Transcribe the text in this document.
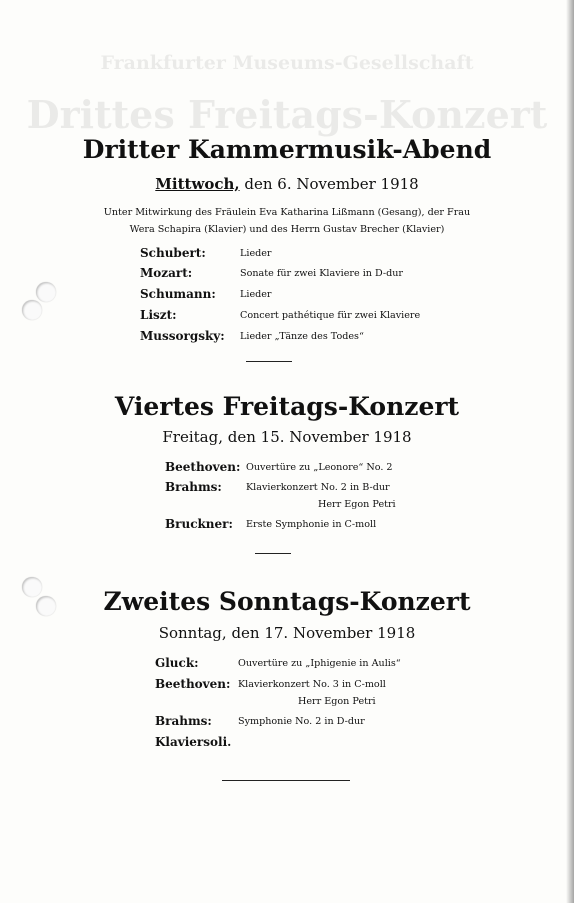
Frankfurter Museums-Gesellschaft
Drittes Freitags-Konzert
Dritter Kammermusik-Abend
Mittwoch, den 6. November 1918
Unter Mitwirkung des Fräulein Eva Katharina Lißmann (Gesang), der Frau
Wera Schapira (Klavier) und des Herrn Gustav Brecher (Klavier)
Schubert:	Lieder
Mozart:	Sonate für zwei Klaviere in D-dur
Schumann:	Lieder
Liszt:	Concert pathétique für zwei Klaviere
Mussorgsky: Lieder „Tänze des Todes“
Viertes Freitags-Konzert
Freitag, den 15. November 1918
Beethoven: Ouvertüre zu „Leonore“ No. 2
Brahms:	Klavierkonzert No. 2 in B-dur
Herr Egon Petri
Bruckner: Erste Symphonie in C-moll
Zweites Sonntags-Konzert
Sonntag, den 17. November 1918
Gluck:	Ouvertüre zu „Iphigenie in Aulis“
Beethoven: Klavierkonzert No. 3 in C-moll
Herr Egon Petri
Brahms:	Symphonie No. 2 in D-dur
Klaviersoli.
